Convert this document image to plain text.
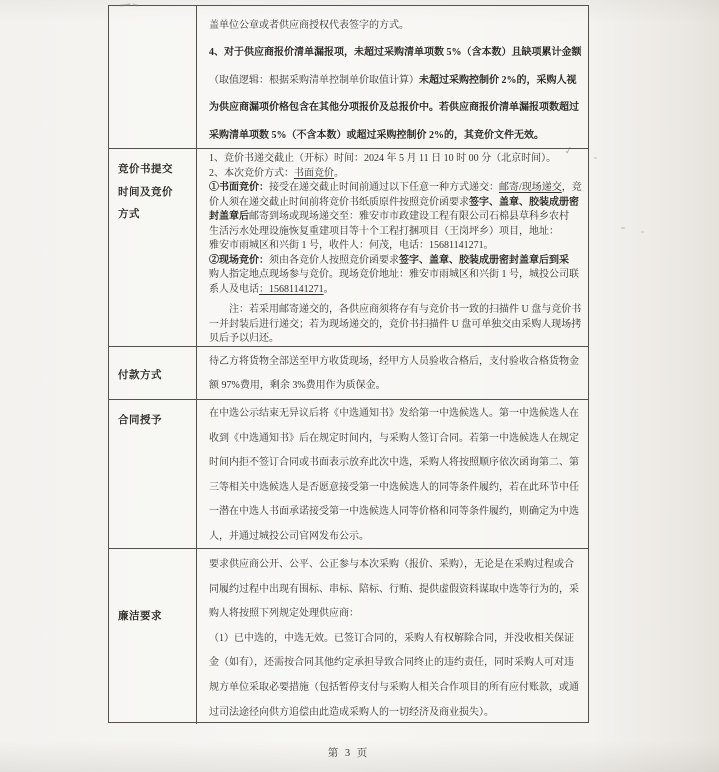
盖单位公章或者供应商授权代表签字的方式。
4、对于供应商报价清单漏报项，未超过采购清单项数 5%（含本数）且缺项累计金额
（取值逻辑：根据采购清单控制单价取值计算）未超过采购控制价 2%的，采购人视
为供应商漏项价格包含在其他分项报价及总报价中。若供应商报价清单漏报项数超过
采购清单项数 5%（不含本数）或超过采购控制价 2%的，其竞价文件无效。
竞价书提交时间及竞价方式
1、竞价书递交截止（开标）时间：2024 年 5 月 11 日 10 时 00 分（北京时间）。
2、本次竞价方式：书面竞价。
①书面竞价：接受在递交截止时间前通过以下任意一种方式递交：邮寄/现场递交，竞
价人须在递交截止时间前将竞价书纸质原件按照竞价函要求签字、盖章、胶装成册密
封盖章后邮寄到场或现场递交至：雅安市市政建设工程有限公司石棉县草科乡农村
生活污水处理设施恢复重建项目等十个工程打捆项目（王岗坪乡）项目，地址：
雅安市雨城区和兴街 1 号，收件人：何茂，电话：15681141271。
②现场竞价：须由各竞价人按照竞价函要求签字、盖章、胶装成册密封盖章后到采
购人指定地点现场参与竞价。现场竞价地址：雅安市雨城区和兴街 1 号，城投公司联
系人及电话：15681141271。
　　注：若采用邮寄递交的，各供应商须将存有与竞价书一致的扫描件 U 盘与竞价书
一并封装后进行递交；若为现场递交的，竞价书扫描件 U 盘可单独交由采购人现场拷
贝后予以归还。
付款方式
待乙方将货物全部送至甲方收货现场，经甲方人员验收合格后，支付验收合格货物金
额 97%费用，剩余 3%费用作为质保金。
合同授予
在中选公示结束无异议后将《中选通知书》发给第一中选候选人。第一中选候选人在
收到《中选通知书》后在规定时间内，与采购人签订合同。若第一中选候选人在规定
时间内拒不签订合同或书面表示放弃此次中选，采购人将按照顺序依次函询第二、第
三等相关中选候选人是否愿意接受第一中选候选人的同等条件履约，若在此环节中任
一潜在中选人书面承诺接受第一中选候选人同等价格和同等条件履约，则确定为中选
人，并通过城投公司官网发布公示。
廉洁要求
要求供应商公开、公平、公正参与本次采购（报价、采购），无论是在采购过程或合
同履约过程中出现有围标、串标、陪标、行贿、提供虚假资料谋取中选等行为的，采
购人将按照下列规定处理供应商：
（1）已中选的，中选无效。已签订合同的，采购人有权解除合同，并没收相关保证
金（如有），还需按合同其他约定承担导致合同终止的违约责任，同时采购人可对违
规方单位采取必要措施（包括暂停支付与采购人相关合作项目的所有应付账款，或通
过司法途径向供方追偿由此造成采购人的一切经济及商业损失）。
第 3 页
✓
